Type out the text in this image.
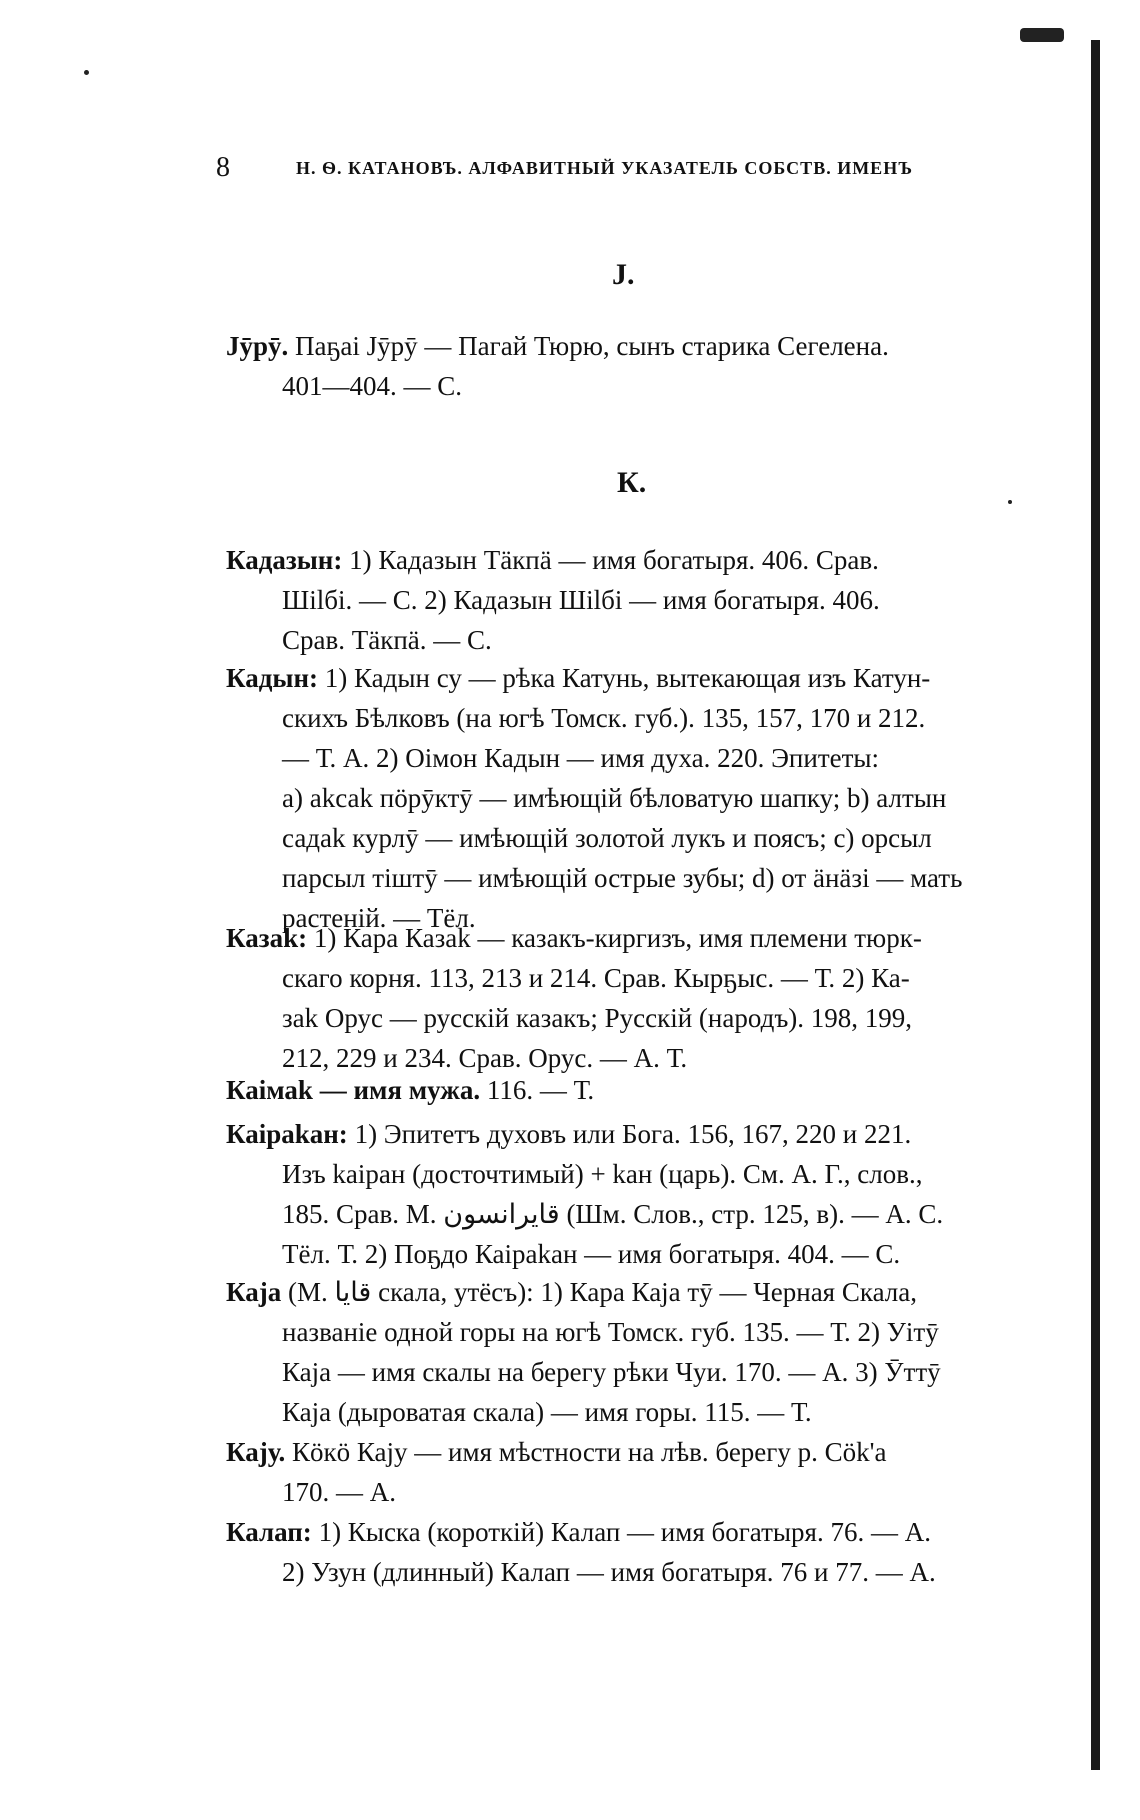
8	Н. Ѳ. КАТАНОВЪ. АЛФАВИТНЫЙ УКАЗАТЕЛЬ СОБСТВ. ИМЕНЪ
J.
Jӯрӯ. Паҕаі Jӯрӯ — Пагай Тюрю, сынъ старика Сегелена.
401—404. — С.
К.
Кадазын: 1) Кадазын Тäкпä — имя богатыря. 406. Срав.
Шіlбі. — С. 2) Кадазын Шіlбі — имя богатыря. 406.
Срав. Тäкпä. — С.
Кадын: 1) Кадын су — рѣка Катунь, вытекающая изъ Катун-
скихъ Бѣлковъ (на югѣ Томск. губ.). 135, 157, 170 и 212.
— Т. А. 2) Оімон Кадын — имя духа. 220. Эпитеты:
а) аkсаk пöрӯктӯ — имѣющій бѣловатую шапку; b) алтын
садаk курлӯ — имѣющій золотой лукъ и поясъ; c) орсыл
парсыл тіштӯ — имѣющій острые зубы; d) от äнäзі — мать
растеній. — Тёл.
Казаk: 1) Кара Казаk — казакъ-киргизъ, имя племени тюрк-
скаго корня. 113, 213 и 214. Срав. Кырҕыс. — Т. 2) Ка-
заk Орус — русскій казакъ; Русскій (народъ). 198, 199,
212, 229 и 234. Срав. Орус. — А. Т.
Каімаk — имя мужа. 116. — Т.
Каіраkан: 1) Эпитетъ духовъ или Бога. 156, 167, 220 и 221.
Изъ kаіран (досточтимый) + kан (царь). См. А. Г., слов.,
185. Срав. М. قايرانسون (Шм. Слов., стр. 125, в). — А. С.
Тёл. Т. 2) Поҕдо Каіраkан — имя богатыря. 404. — С.
Каjа (М. قايا скала, утёсъ): 1) Кара Каjа тӯ — Черная Скала,
названіе одной горы на югѣ Томск. губ. 135. — Т. 2) Уітӯ
Каjа — имя скалы на берегу рѣки Чуи. 170. — А. 3) Ӯттӯ
Каjа (дыроватая скала) — имя горы. 115. — Т.
Каjу. Кöкö Каjу — имя мѣстности на лѣв. берегу р. Сök'а
170. — А.
Калап: 1) Кыска (короткій) Калап — имя богатыря. 76. — А.
2) Узун (длинный) Калап — имя богатыря. 76 и 77. — А.
